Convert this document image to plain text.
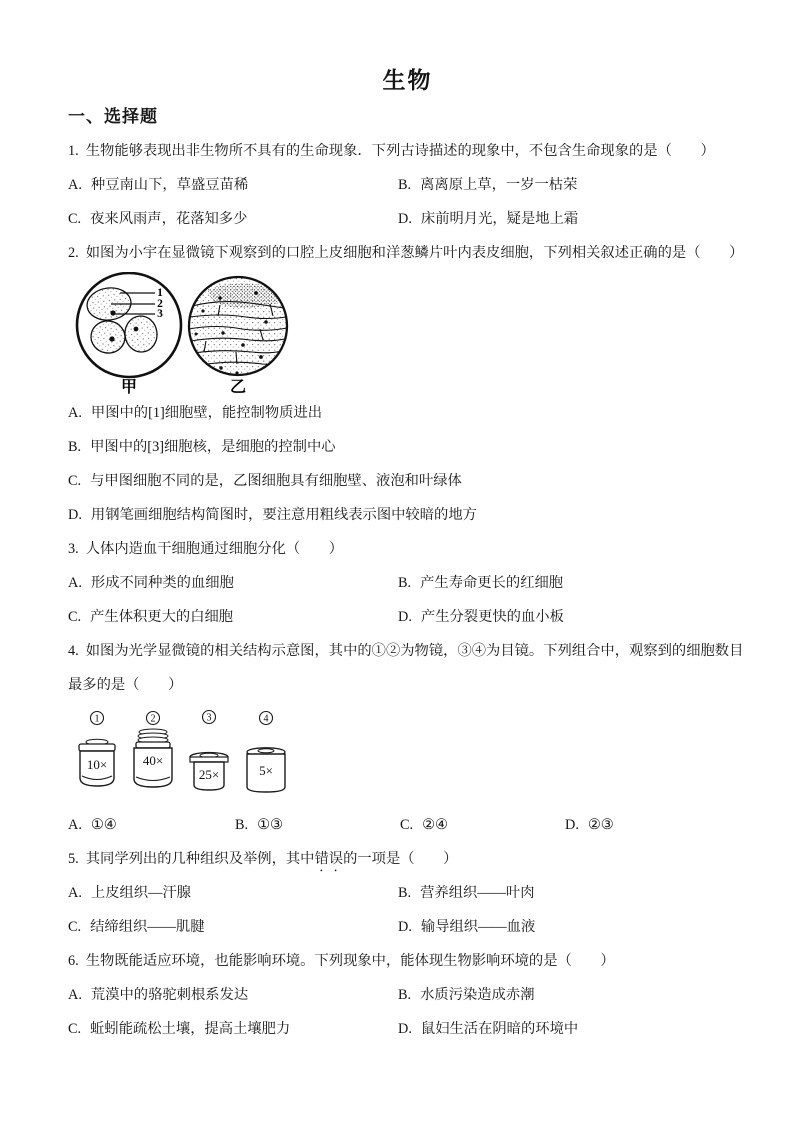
生物
一、选择题
1. 生物能够表现出非生物所不具有的生命现象．下列古诗描述的现象中，不包含生命现象的是（　　）
A. 种豆南山下，草盛豆苗稀	B. 离离原上草，一岁一枯荣
C. 夜来风雨声，花落知多少	D. 床前明月光，疑是地上霜
2. 如图为小宇在显微镜下观察到的口腔上皮细胞和洋葱鳞片叶内表皮细胞，下列相关叙述正确的是（　　）
1
2
3
甲	乙
A. 甲图中的[1]细胞壁，能控制物质进出
B. 甲图中的[3]细胞核，是细胞的控制中心
C. 与甲图细胞不同的是，乙图细胞具有细胞壁、液泡和叶绿体
D. 用钢笔画细胞结构简图时，要注意用粗线表示图中较暗的地方
3. 人体内造血干细胞通过细胞分化（　　）
A. 形成不同种类的血细胞	B. 产生寿命更长的红细胞
C. 产生体积更大的白细胞	D. 产生分裂更快的血小板
4. 如图为光学显微镜的相关结构示意图，其中的①②为物镜，③④为目镜。下列组合中，观察到的细胞数目最多的是（　　）
1	2	3	4
10×	40×
25×	5×
A. ①④	B. ①③	C. ②④	D. ②③
5. 其同学列出的几种组织及举例，其中错误的一项是（　　）
A. 上皮组织—汗腺	B. 营养组织——叶肉
C. 结缔组织——肌腱	D. 输导组织——血液
6. 生物既能适应环境，也能影响环境。下列现象中，能体现生物影响环境的是（　　）
A. 荒漠中的骆驼刺根系发达	B. 水质污染造成赤潮
C. 蚯蚓能疏松土壤，提高土壤肥力	D. 鼠妇生活在阴暗的环境中
